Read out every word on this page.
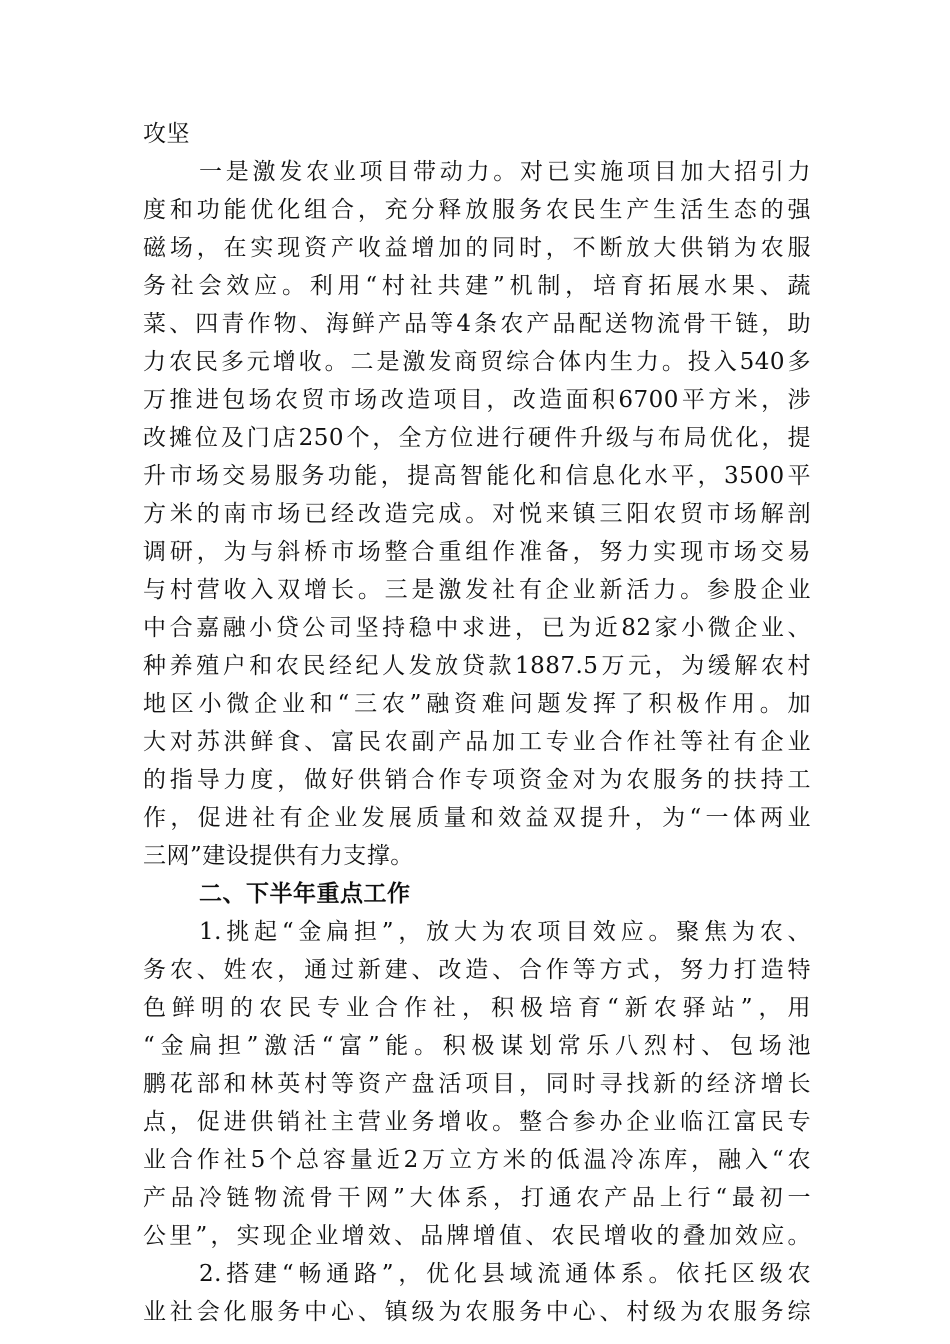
攻坚
一是激发农业项目带动力。对已实施项目加大招引力
度和功能优化组合，充分释放服务农民生产生活生态的强
磁场，在实现资产收益增加的同时，不断放大供销为农服
务社会效应。利用“村社共建”机制，培育拓展水果、蔬
菜、四青作物、海鲜产品等4条农产品配送物流骨干链，助
力农民多元增收。二是激发商贸综合体内生力。投入540多
万推进包场农贸市场改造项目，改造面积6700平方米，涉
改摊位及门店250个，全方位进行硬件升级与布局优化，提
升市场交易服务功能，提高智能化和信息化水平，3500平
方米的南市场已经改造完成。对悦来镇三阳农贸市场解剖
调研，为与斜桥市场整合重组作准备，努力实现市场交易
与村营收入双增长。三是激发社有企业新活力。参股企业
中合嘉融小贷公司坚持稳中求进，已为近82家小微企业、
种养殖户和农民经纪人发放贷款1887.5万元，为缓解农村
地区小微企业和“三农”融资难问题发挥了积极作用。加
大对苏洪鲜食、富民农副产品加工专业合作社等社有企业
的指导力度，做好供销合作专项资金对为农服务的扶持工
作，促进社有企业发展质量和效益双提升，为“一体两业
三网”建设提供有力支撑。
二、下半年重点工作
1.挑起“金扁担”，放大为农项目效应。聚焦为农、
务农、姓农，通过新建、改造、合作等方式，努力打造特
色鲜明的农民专业合作社，积极培育“新农驿站”，用
“金扁担”激活“富”能。积极谋划常乐八烈村、包场池
鹏花部和林英村等资产盘活项目，同时寻找新的经济增长
点，促进供销社主营业务增收。整合参办企业临江富民专
业合作社5个总容量近2万立方米的低温冷冻库，融入“农
产品冷链物流骨干网”大体系，打通农产品上行“最初一
公里”，实现企业增效、品牌增值、农民增收的叠加效应。
2.搭建“畅通路”，优化县域流通体系。依托区级农
业社会化服务中心、镇级为农服务中心、村级为农服务综
